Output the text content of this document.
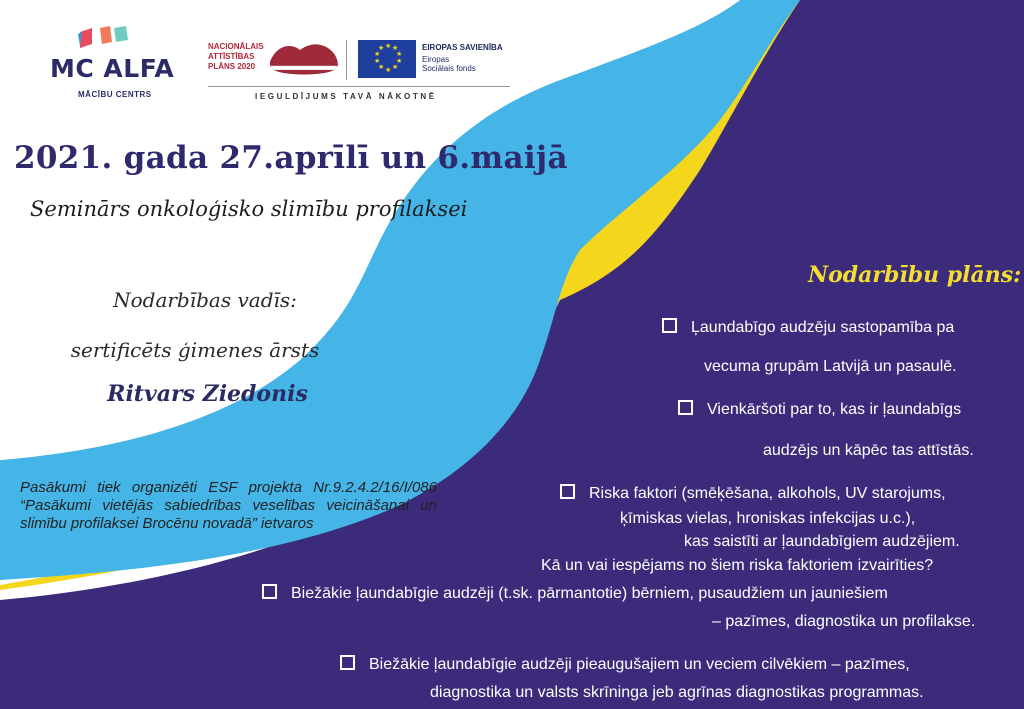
MC ALFA
MĀCĪBU CENTRS
NACIONĀLAIS
ATTĪSTĪBAS
PLĀNS 2020
★ ★
★
★
★
★
★
★
★
★	EIROPAS SAVIENĪBA
Eiropas Sociālais fonds
IEGULDĪJUMS TAVĀ NĀKOTNĒ
2021. gada 27.aprīlī un 6.maijā
Seminārs onkoloģisko slimību profilaksei
Nodarbības vadīs:
sertificēts ģimenes ārsts
Ritvars Ziedonis
Pasākumi tiek organizēti ESF projekta Nr.9.2.4.2/16/I/086 “Pasākumi vietējās sabiedrības veselības veicināšanai un slimību profilaksei Brocēnu novadā” ietvaros
Nodarbību plāns:
Ļaundabīgo audzēju sastopamība pa
vecuma grupām Latvijā un pasaulē.
Vienkāršoti par to, kas ir ļaundabīgs
audzējs un kāpēc tas attīstās.
Riska faktori (smēķēšana, alkohols, UV starojums,
ķīmiskas vielas, hroniskas infekcijas u.c.),
kas saistīti ar ļaundabīgiem audzējiem.
Kā un vai iespējams no šiem riska faktoriem izvairīties?
Biežākie ļaundabīgie audzēji (t.sk. pārmantotie) bērniem, pusaudžiem un jauniešiem
– pazīmes, diagnostika un profilakse.
Biežākie ļaundabīgie audzēji pieaugušajiem un veciem cilvēkiem – pazīmes,
diagnostika un valsts skrīninga jeb agrīnas diagnostikas programmas.
